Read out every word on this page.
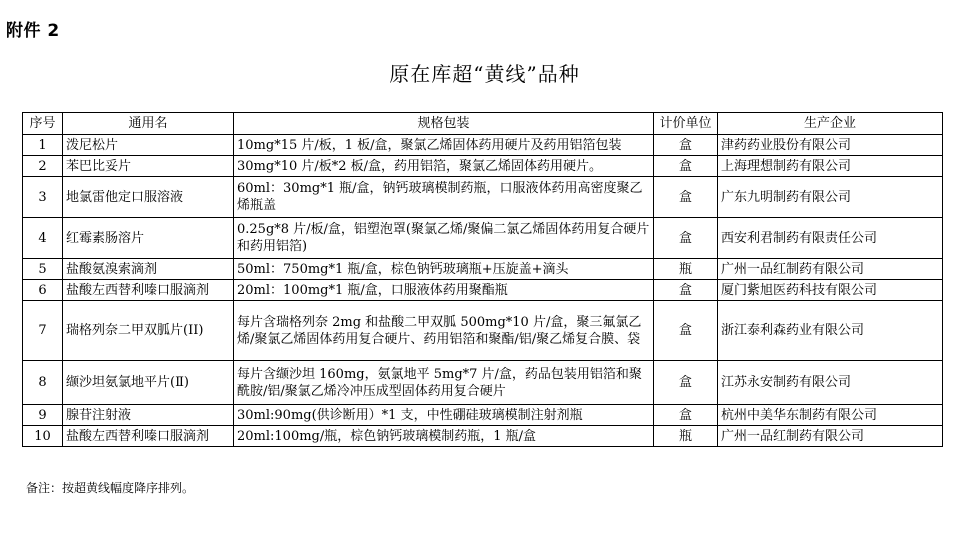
附件 2
原在库超“黄线”品种
序号	通用名	规格包装	计价单位	生产企业
1	泼尼松片	10mg*15 片/板，1 板/盒，聚氯乙烯固体药用硬片及药用铝箔包装	盒	津药药业股份有限公司
2	苯巴比妥片	30mg*10 片/板*2 板/盒，药用铝箔，聚氯乙烯固体药用硬片。	盒	上海理想制药有限公司
3	地氯雷他定口服溶液	60ml：30mg*1 瓶/盒，钠钙玻璃模制药瓶，口服液体药用高密度聚乙烯瓶盖	盒	广东九明制药有限公司
4	红霉素肠溶片	0.25g*8 片/板/盒，铝塑泡罩(聚氯乙烯/聚偏二氯乙烯固体药用复合硬片和药用铝箔)	盒	西安利君制药有限责任公司
5	盐酸氨溴索滴剂	50ml：750mg*1 瓶/盒，棕色钠钙玻璃瓶+压旋盖+滴头	瓶	广州一品红制药有限公司
6	盐酸左西替利嗪口服滴剂	20ml：100mg*1 瓶/盒，口服液体药用聚酯瓶	盒	厦门紫旭医药科技有限公司
7	瑞格列奈二甲双胍片(II)	每片含瑞格列奈 2mg 和盐酸二甲双胍 500mg*10 片/盒，聚三氟氯乙烯/聚氯乙烯固体药用复合硬片、药用铝箔和聚酯/铝/聚乙烯复合膜、袋	盒	浙江泰利森药业有限公司
8	缬沙坦氨氯地平片(Ⅱ)	每片含缬沙坦 160mg，氨氯地平 5mg*7 片/盒，药品包装用铝箔和聚酰胺/铝/聚氯乙烯冷冲压成型固体药用复合硬片	盒	江苏永安制药有限公司
9	腺苷注射液	30ml:90mg(供诊断用）*1 支，中性硼硅玻璃模制注射剂瓶	盒	杭州中美华东制药有限公司
10	盐酸左西替利嗪口服滴剂	20ml:100mg/瓶，棕色钠钙玻璃模制药瓶，1 瓶/盒	瓶	广州一品红制药有限公司
备注：按超黄线幅度降序排列。
